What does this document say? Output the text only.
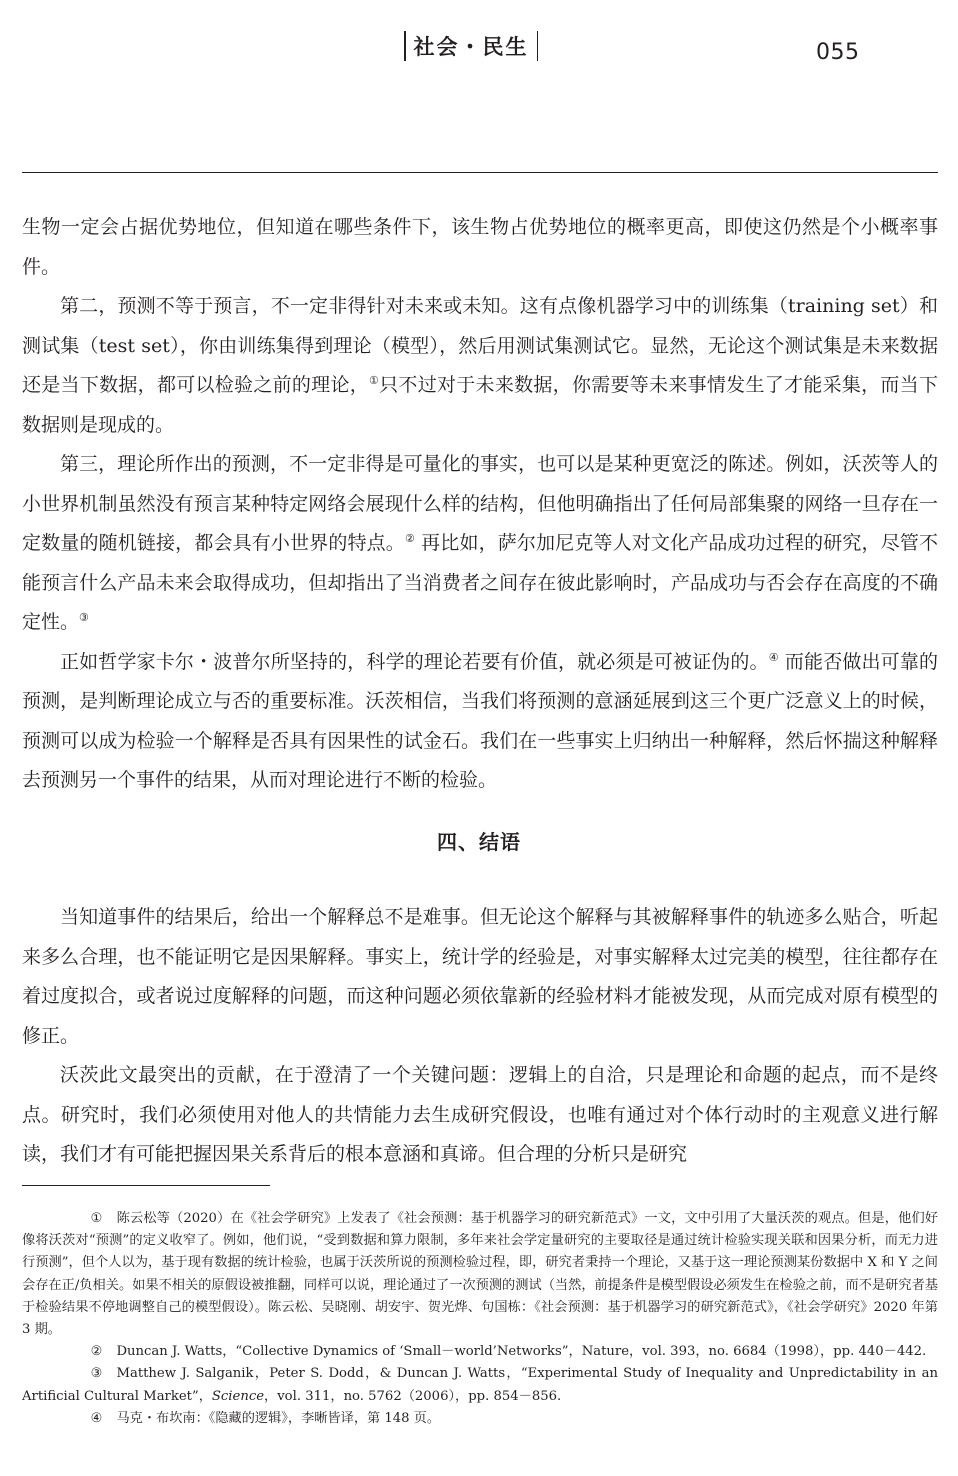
社会・民生	055

生物一定会占据优势地位，但知道在哪些条件下，该生物占优势地位的概率更高，即使这仍然是个小概率事件。

第二，预测不等于预言，不一定非得针对未来或未知。这有点像机器学习中的训练集（training set）和测试集（test set），你由训练集得到理论（模型），然后用测试集测试它。显然，无论这个测试集是未来数据还是当下数据，都可以检验之前的理论，①只不过对于未来数据，你需要等未来事情发生了才能采集，而当下数据则是现成的。

第三，理论所作出的预测，不一定非得是可量化的事实，也可以是某种更宽泛的陈述。例如，沃茨等人的小世界机制虽然没有预言某种特定网络会展现什么样的结构，但他明确指出了任何局部集聚的网络一旦存在一定数量的随机链接，都会具有小世界的特点。② 再比如，萨尔加尼克等人对文化产品成功过程的研究，尽管不能预言什么产品未来会取得成功，但却指出了当消费者之间存在彼此影响时，产品成功与否会存在高度的不确定性。③

正如哲学家卡尔・波普尔所坚持的，科学的理论若要有价值，就必须是可被证伪的。④ 而能否做出可靠的预测，是判断理论成立与否的重要标准。沃茨相信，当我们将预测的意涵延展到这三个更广泛意义上的时候，预测可以成为检验一个解释是否具有因果性的试金石。我们在一些事实上归纳出一种解释，然后怀揣这种解释去预测另一个事件的结果，从而对理论进行不断的检验。

四、结语

当知道事件的结果后，给出一个解释总不是难事。但无论这个解释与其被解释事件的轨迹多么贴合，听起来多么合理，也不能证明它是因果解释。事实上，统计学的经验是，对事实解释太过完美的模型，往往都存在着过度拟合，或者说过度解释的问题，而这种问题必须依靠新的经验材料才能被发现，从而完成对原有模型的修正。

沃茨此文最突出的贡献，在于澄清了一个关键问题：逻辑上的自洽，只是理论和命题的起点，而不是终点。研究时，我们必须使用对他人的共情能力去生成研究假设，也唯有通过对个体行动时的主观意义进行解读，我们才有可能把握因果关系背后的根本意涵和真谛。但合理的分析只是研究

① 陈云松等（2020）在《社会学研究》上发表了《社会预测：基于机器学习的研究新范式》一文，文中引用了大量沃茨的观点。但是，他们好像将沃茨对“预测”的定义收窄了。例如，他们说，“受到数据和算力限制，多年来社会学定量研究的主要取径是通过统计检验实现关联和因果分析，而无力进行预测”，但个人以为，基于现有数据的统计检验，也属于沃茨所说的预测检验过程，即，研究者秉持一个理论，又基于这一理论预测某份数据中 X 和 Y 之间会存在正/负相关。如果不相关的原假设被推翻，同样可以说，理论通过了一次预测的测试（当然，前提条件是模型假设必须发生在检验之前，而不是研究者基于检验结果不停地调整自己的模型假设）。陈云松、吴晓刚、胡安宇、贺光烨、句国栋：《社会预测：基于机器学习的研究新范式》，《社会学研究》2020 年第 3 期。

② Duncan J. Watts，“Collective Dynamics of ‘Small－world’Networks”，Nature，vol. 393，no. 6684（1998），pp. 440－442.

③ Matthew J. Salganik，Peter S. Dodd，& Duncan J. Watts，“Experimental Study of Inequality and Unpredictability in an Artificial Cultural Market”，Science，vol. 311，no. 5762（2006），pp. 854－856.

④ 马克・布坎南：《隐藏的逻辑》，李晰皆译，第 148 页。
